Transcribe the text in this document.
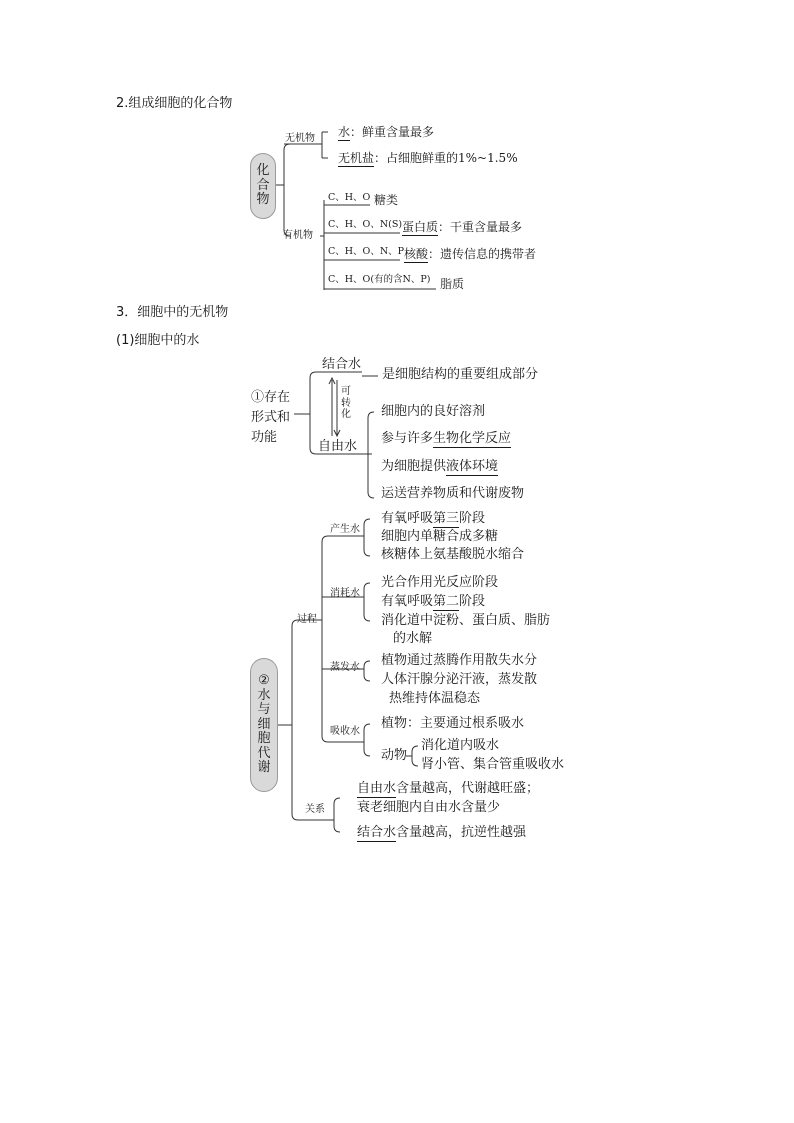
2.组成细胞的化合物
化
合
物
无机物 水：鲜重含量最多
无机盐：占细胞鲜重的1%~1.5%
有机物
C、H、O 糖类
C、H、O、N(S) 蛋白质：干重含量最多
C、H、O、N、P 核酸：遗传信息的携带者
C、H、O(有的含N、P) 脂质
3．细胞中的无机物
(1)细胞中的水
①存在
形式和
功能
结合水
是细胞结构的重要组成部分
可
转
化
自由水
细胞内的良好溶剂
参与许多生物化学反应
为细胞提供液体环境
运送营养物质和代谢废物
②
水
与
细
胞
代
谢
过程
产生水
有氧呼吸第三阶段
细胞内单糖合成多糖
核糖体上氨基酸脱水缩合
消耗水
光合作用光反应阶段
有氧呼吸第二阶段
消化道中淀粉、蛋白质、脂肪
的水解
蒸发水 植物通过蒸腾作用散失水分
人体汗腺分泌汗液，蒸发散
热维持体温稳态
吸收水
植物：主要通过根系吸水
动物
消化道内吸水
肾小管、集合管重吸收水
关系
自由水含量越高，代谢越旺盛；
衰老细胞内自由水含量少
结合水含量越高，抗逆性越强
